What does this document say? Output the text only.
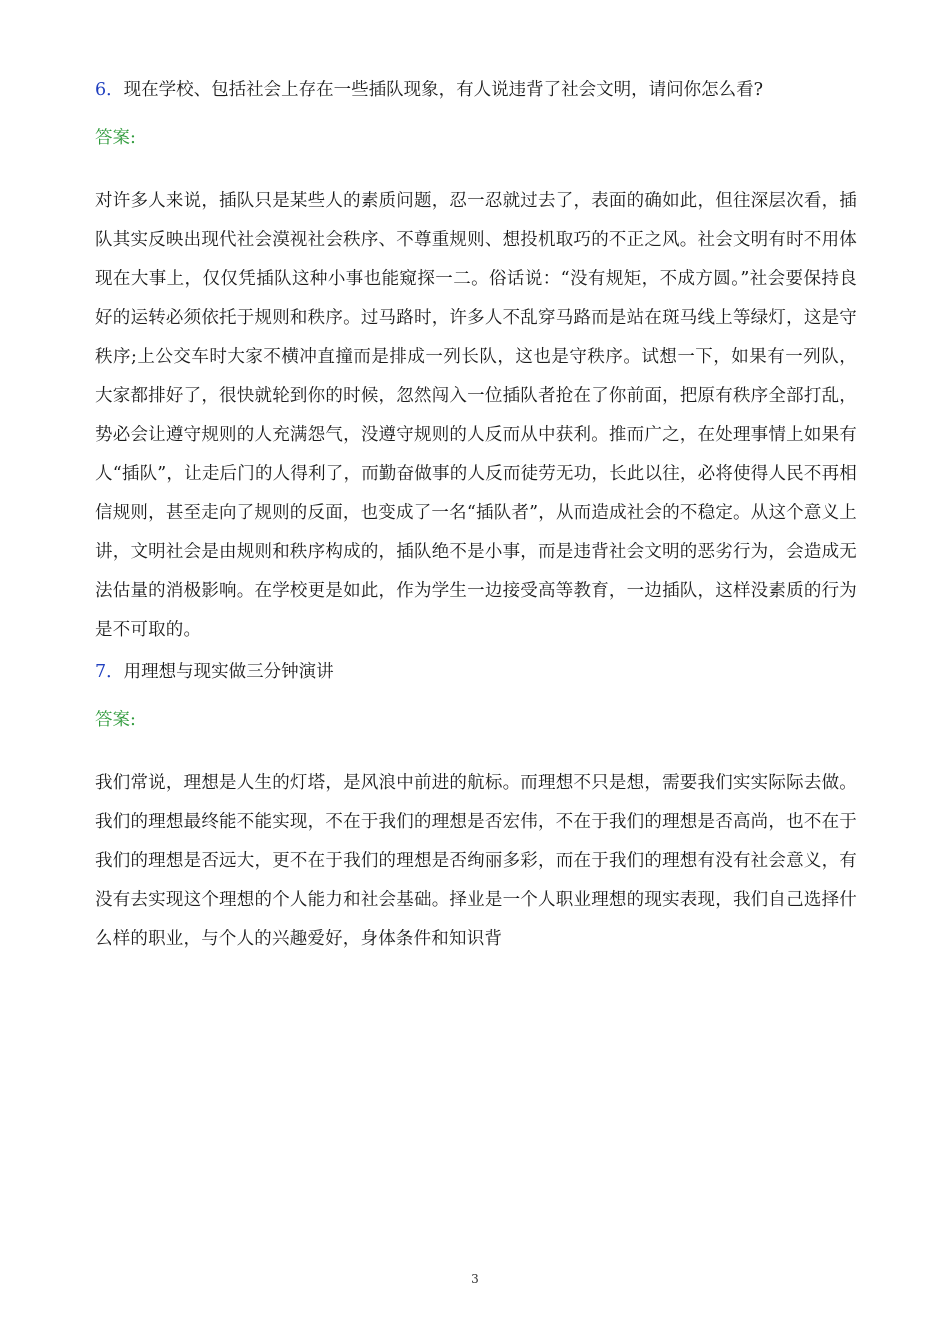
6．现在学校、包括社会上存在一些插队现象，有人说违背了社会文明，请问你怎么看?

答案:

对许多人来说，插队只是某些人的素质问题，忍一忍就过去了，表面的确如此，但往深层次看，插队其实反映出现代社会漠视社会秩序、不尊重规则、想投机取巧的不正之风。社会文明有时不用体现在大事上，仅仅凭插队这种小事也能窥探一二。俗话说：“没有规矩，不成方圆。”社会要保持良好的运转必须依托于规则和秩序。过马路时，许多人不乱穿马路而是站在斑马线上等绿灯，这是守秩序;上公交车时大家不横冲直撞而是排成一列长队，这也是守秩序。试想一下，如果有一列队，大家都排好了，很快就轮到你的时候，忽然闯入一位插队者抢在了你前面，把原有秩序全部打乱，势必会让遵守规则的人充满怨气，没遵守规则的人反而从中获利。推而广之，在处理事情上如果有人“插队”，让走后门的人得利了，而勤奋做事的人反而徒劳无功，长此以往，必将使得人民不再相信规则，甚至走向了规则的反面，也变成了一名“插队者”，从而造成社会的不稳定。从这个意义上讲，文明社会是由规则和秩序构成的，插队绝不是小事，而是违背社会文明的恶劣行为，会造成无法估量的消极影响。在学校更是如此，作为学生一边接受高等教育，一边插队，这样没素质的行为是不可取的。

7．用理想与现实做三分钟演讲

答案:

我们常说，理想是人生的灯塔，是风浪中前进的航标。而理想不只是想，需要我们实实际际去做。我们的理想最终能不能实现，不在于我们的理想是否宏伟，不在于我们的理想是否高尚，也不在于我们的理想是否远大，更不在于我们的理想是否绚丽多彩，而在于我们的理想有没有社会意义，有没有去实现这个理想的个人能力和社会基础。择业是一个人职业理想的现实表现，我们自己选择什么样的职业，与个人的兴趣爱好，身体条件和知识背

3
